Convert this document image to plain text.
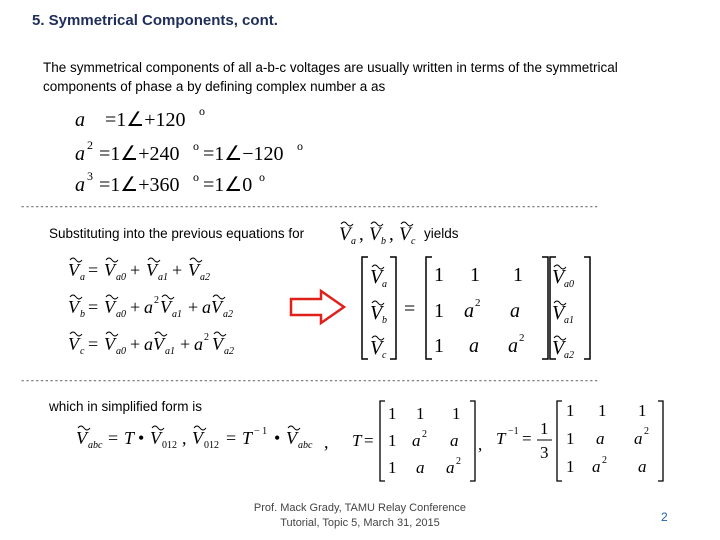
5. Symmetrical Components, cont.
The symmetrical components of all a-b-c voltages are usually written in terms of the symmetrical components of phase a by defining complex number a as
a =1∠+120 o
a 2 =1∠+240 o =1∠−120 o
a 3 =1∠+360 o =1∠0 o
------------------------------------------------------------------------------------------------------------------------
Substituting into the previous equations for V a , V b , V c
yields
V a = V a0 + V a1 + V a2
V b = V a0 + a 2 V a1 + a V a2
V c = V a0 + a V a1 + a 2 V a2
V a
V b
V c
=
1 1 1
1 a 2 a
1 a a 2
V a0
V a1
V a2
------------------------------------------------------------------------------------------------------------------------
which in simplified form is
V abc = T • V 012 , V 012 = T − 1 • V abc , T =
1 1 1
1 a 2 a
1 a a 2
, T −1 =
1
3
1 1 1
1 a a 2
1 a 2 a
Prof. Mack Grady, TAMU Relay Conference
Tutorial, Topic 5, March 31, 2015	2
